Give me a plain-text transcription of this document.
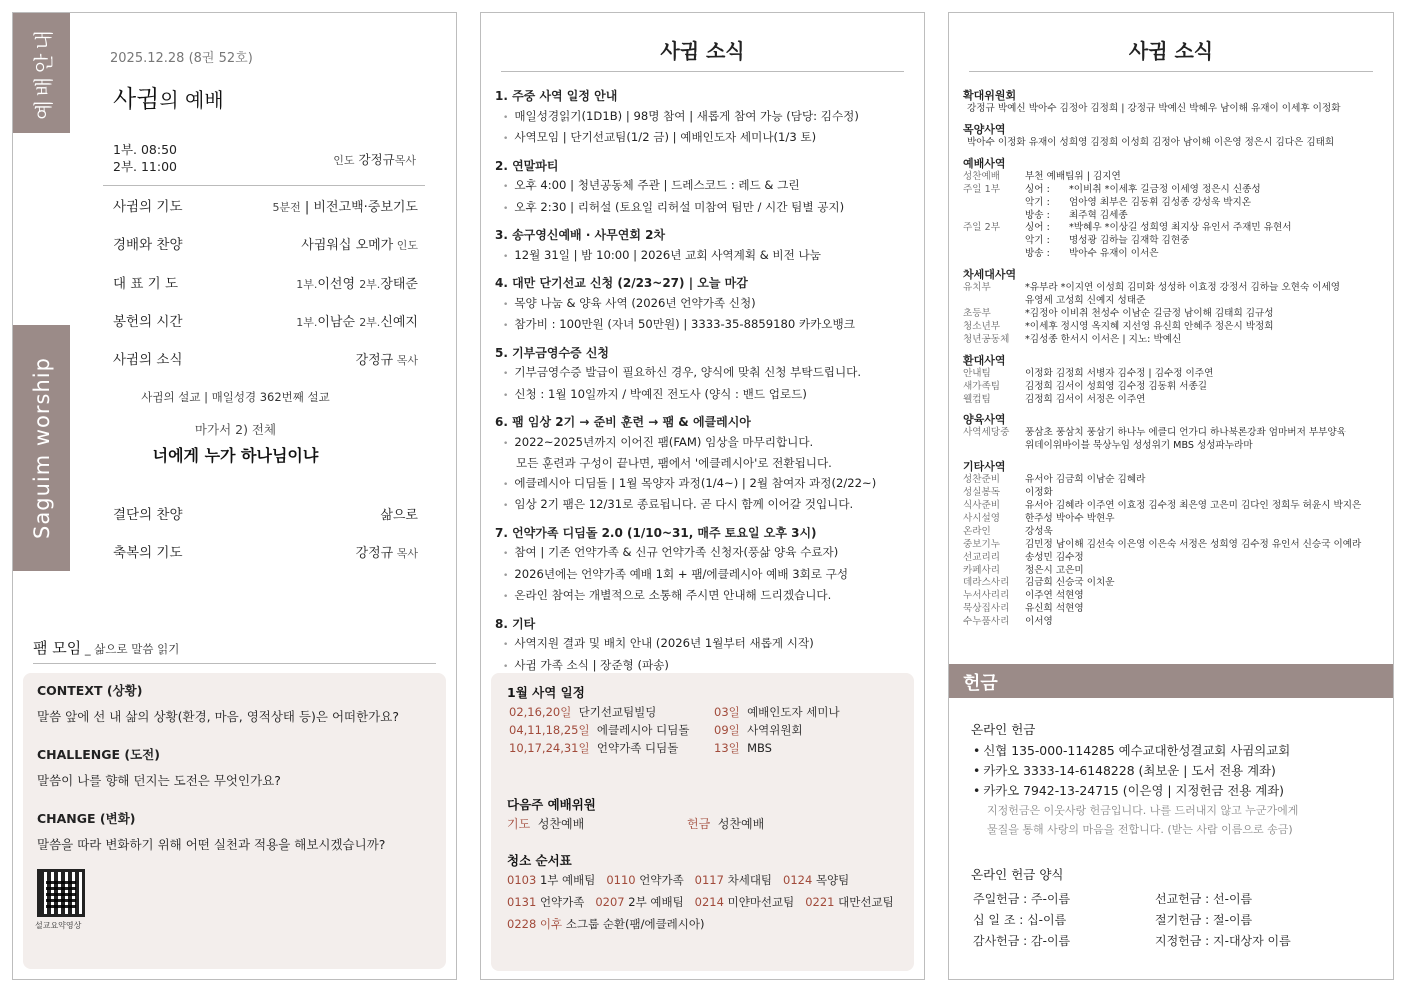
예배안내
Saguim worship
2025.12.28 (8권 52호)
사귐의 예배
1부. 08:50
2부. 11:00	인도 강정규목사
사귐의 기도	5분전 | 비전고백·중보기도
경배와 찬양	사귐워십 오메가 인도
대 표 기 도	1부.이선영 2부.장태준
봉헌의 시간	1부.이남순 2부.신예지
사귐의 소식	강정규 목사
사귐의 설교 | 매일성경 362번째 설교
마가서 2) 전체
너에게 누가 하나님이냐
결단의 찬양	삶으로
축복의 기도	강정규 목사
팸 모임 _ 삶으로 말씀 읽기
CONTEXT (상황)
말씀 앞에 선 내 삶의 상황(환경, 마음, 영적상태 등)은 어떠한가요?
CHALLENGE (도전)
말씀이 나를 향해 던지는 도전은 무엇인가요?
CHANGE (변화)
말씀을 따라 변화하기 위해 어떤 실천과 적용을 해보시겠습니까?
설교요약영상
사귐 소식
1. 주중 사역 일정 안내
• 매일성경읽기(1D1B) | 98명 참여 | 새롭게 참여 가능 (담당: 김수정)
• 사역모임 | 단기선교팀(1/2 금) | 예배인도자 세미나(1/3 토)
2. 연말파티
• 오후 4:00 | 청년공동체 주관 | 드레스코드 : 레드 & 그린
• 오후 2:30 | 리허설 (토요일 리허설 미참여 팀만 / 시간 팀별 공지)
3. 송구영신예배 · 사무연회 2차
• 12월 31일 | 밤 10:00 | 2026년 교회 사역계획 & 비전 나눔
4. 대만 단기선교 신청 (2/23~27) | 오늘 마감
• 목양 나눔 & 양육 사역 (2026년 언약가족 신청)
• 참가비 : 100만원 (자녀 50만원) | 3333-35-8859180 카카오뱅크
5. 기부금영수증 신청
• 기부금영수증 발급이 필요하신 경우, 양식에 맞춰 신청 부탁드립니다.
• 신청 : 1월 10일까지 / 박예진 전도사 (양식 : 밴드 업로드)
6. 팸 임상 2기 → 준비 훈련 → 팸 & 에클레시아
• 2022~2025년까지 이어진 팸(FAM) 임상을 마무리합니다.
모든 훈련과 구성이 끝나면, 팸에서 '에클레시아'로 전환됩니다.
• 에클레시아 디딤돌 | 1월 목양자 과정(1/4~) | 2월 참여자 과정(2/22~)
• 임상 2기 팸은 12/31로 종료됩니다. 곧 다시 함께 이어갈 것입니다.
7. 언약가족 디딤돌 2.0 (1/10~31, 매주 토요일 오후 3시)
• 참여 | 기존 언약가족 & 신규 언약가족 신청자(풍삶 양육 수료자)
• 2026년에는 언약가족 예배 1회 + 팸/에클레시아 예배 3회로 구성
• 온라인 참여는 개별적으로 소통해 주시면 안내해 드리겠습니다.
8. 기타
• 사역지원 결과 및 배치 안내 (2026년 1월부터 새롭게 시작)
• 사귐 가족 소식 | 장준형 (파송)
1월 사역 일정
02,16,20일 단기선교팀빌딩	03일 예배인도자 세미나
04,11,18,25일 에클레시아 디딤돌	09일 사역위원회
10,17,24,31일 언약가족 디딤돌	13일 MBS
다음주 예배위원
기도 성찬예배	헌금 성찬예배
청소 순서표
0103 1부 예배팀 0110 언약가족 0117 차세대팀 0124 목양팀
0131 언약가족 0207 2부 예배팀 0214 미얀마선교팀 0221 대만선교팀
0228 이후 소그룹 순환(팸/에클레시아)
사귐 소식
확대위원회
강정규 박예신 박아수 김정아 김정희 | 강정규 박예신 박혜우 남이해 유재이 이세후 이정화
목양사역
박아수 이정화 유재이 성희영 김정희 이성희 김정아 남이해 이은영 정은시 김다은 김태희
예배사역
성찬예배	부천 예배팀위 | 김지연
주일 1부	싱어 :	*이비취 *이세후 길금정 이세영 정은시 신종성
악기 :	엄아영 최부은 김동휘 김성종 강성욱 박지온
방송 :	최주혁 김세종
주일 2부	싱어 :	*박혜우 *이상길 성희영 최지상 유인서 주재민 유현서
악기 :	명성광 김하늘 김재학 김현중
방송 :	박아수 유재이 이서은
차세대사역
유치부	*유부라 *이지연 이성희 김미화 성성하 이효정 강정서 김하늘 오현숙 이세영
유영세 고성희 신예지 성태준
초등부	*김정아 이비취 천성수 이남순 길금정 남이해 김태희 김규성
청소년부	*이세후 정시영 옥지혜 지선영 유신희 안혜주 정은시 박정희
청년공동체	*김성종 한서시 이서은 | 지노: 박예신
환대사역
안내팀	이정화 김정희 서병자 김수정 | 김수정 이주연
새가족팀	김정희 김서이 성희영 김수정 김동휘 서종길
웰컴팀	김정희 김서이 서정은 이주연
양육사역
사역세당중	풍삼초 풍삼치 풍삼기 하나누 에클디 언가디 하나북론강좌 엄마버저 부부양육
위데이위바이블 묵상누임 성성위기 MBS 성성파누라마
기타사역
성찬준비	유서아 김금희 이남순 김혜라
성실봉독	이정화
식사준비	유서아 김혜라 이주연 이효정 김수정 최은영 고은미 김다인 정희두 허윤시 박지은
사시설영	한주성 박아수 박현우
온라인	강성욱
중보기누	김민정 남이해 김선숙 이은영 이은숙 서정은 성희영 김수정 유인서 신승국 이예라
선교리리	송성민 김수정
카페사리	정은시 고은미
데라스사리	김금희 신승국 이치운
누서사리리	이주연 석현영
묵상집사리	유신희 석현영
수누품사리	이서영
헌금
온라인 헌금
• 신협 135-000-114285 예수교대한성결교회 사귐의교회
• 카카오 3333-14-6148228 (최보운 | 도서 전용 계좌)
• 카카오 7942-13-24715 (이은영 | 지정헌금 전용 계좌)
지정헌금은 이웃사랑 헌금입니다. 나를 드러내지 않고 누군가에게
물질을 통해 사랑의 마음을 전합니다. (받는 사람 이름으로 송금)
온라인 헌금 양식
주일헌금 : 주-이름
십 일 조 : 십-이름
감사헌금 : 감-이름
선교헌금 : 선-이름
절기헌금 : 절-이름
지정헌금 : 지-대상자 이름
